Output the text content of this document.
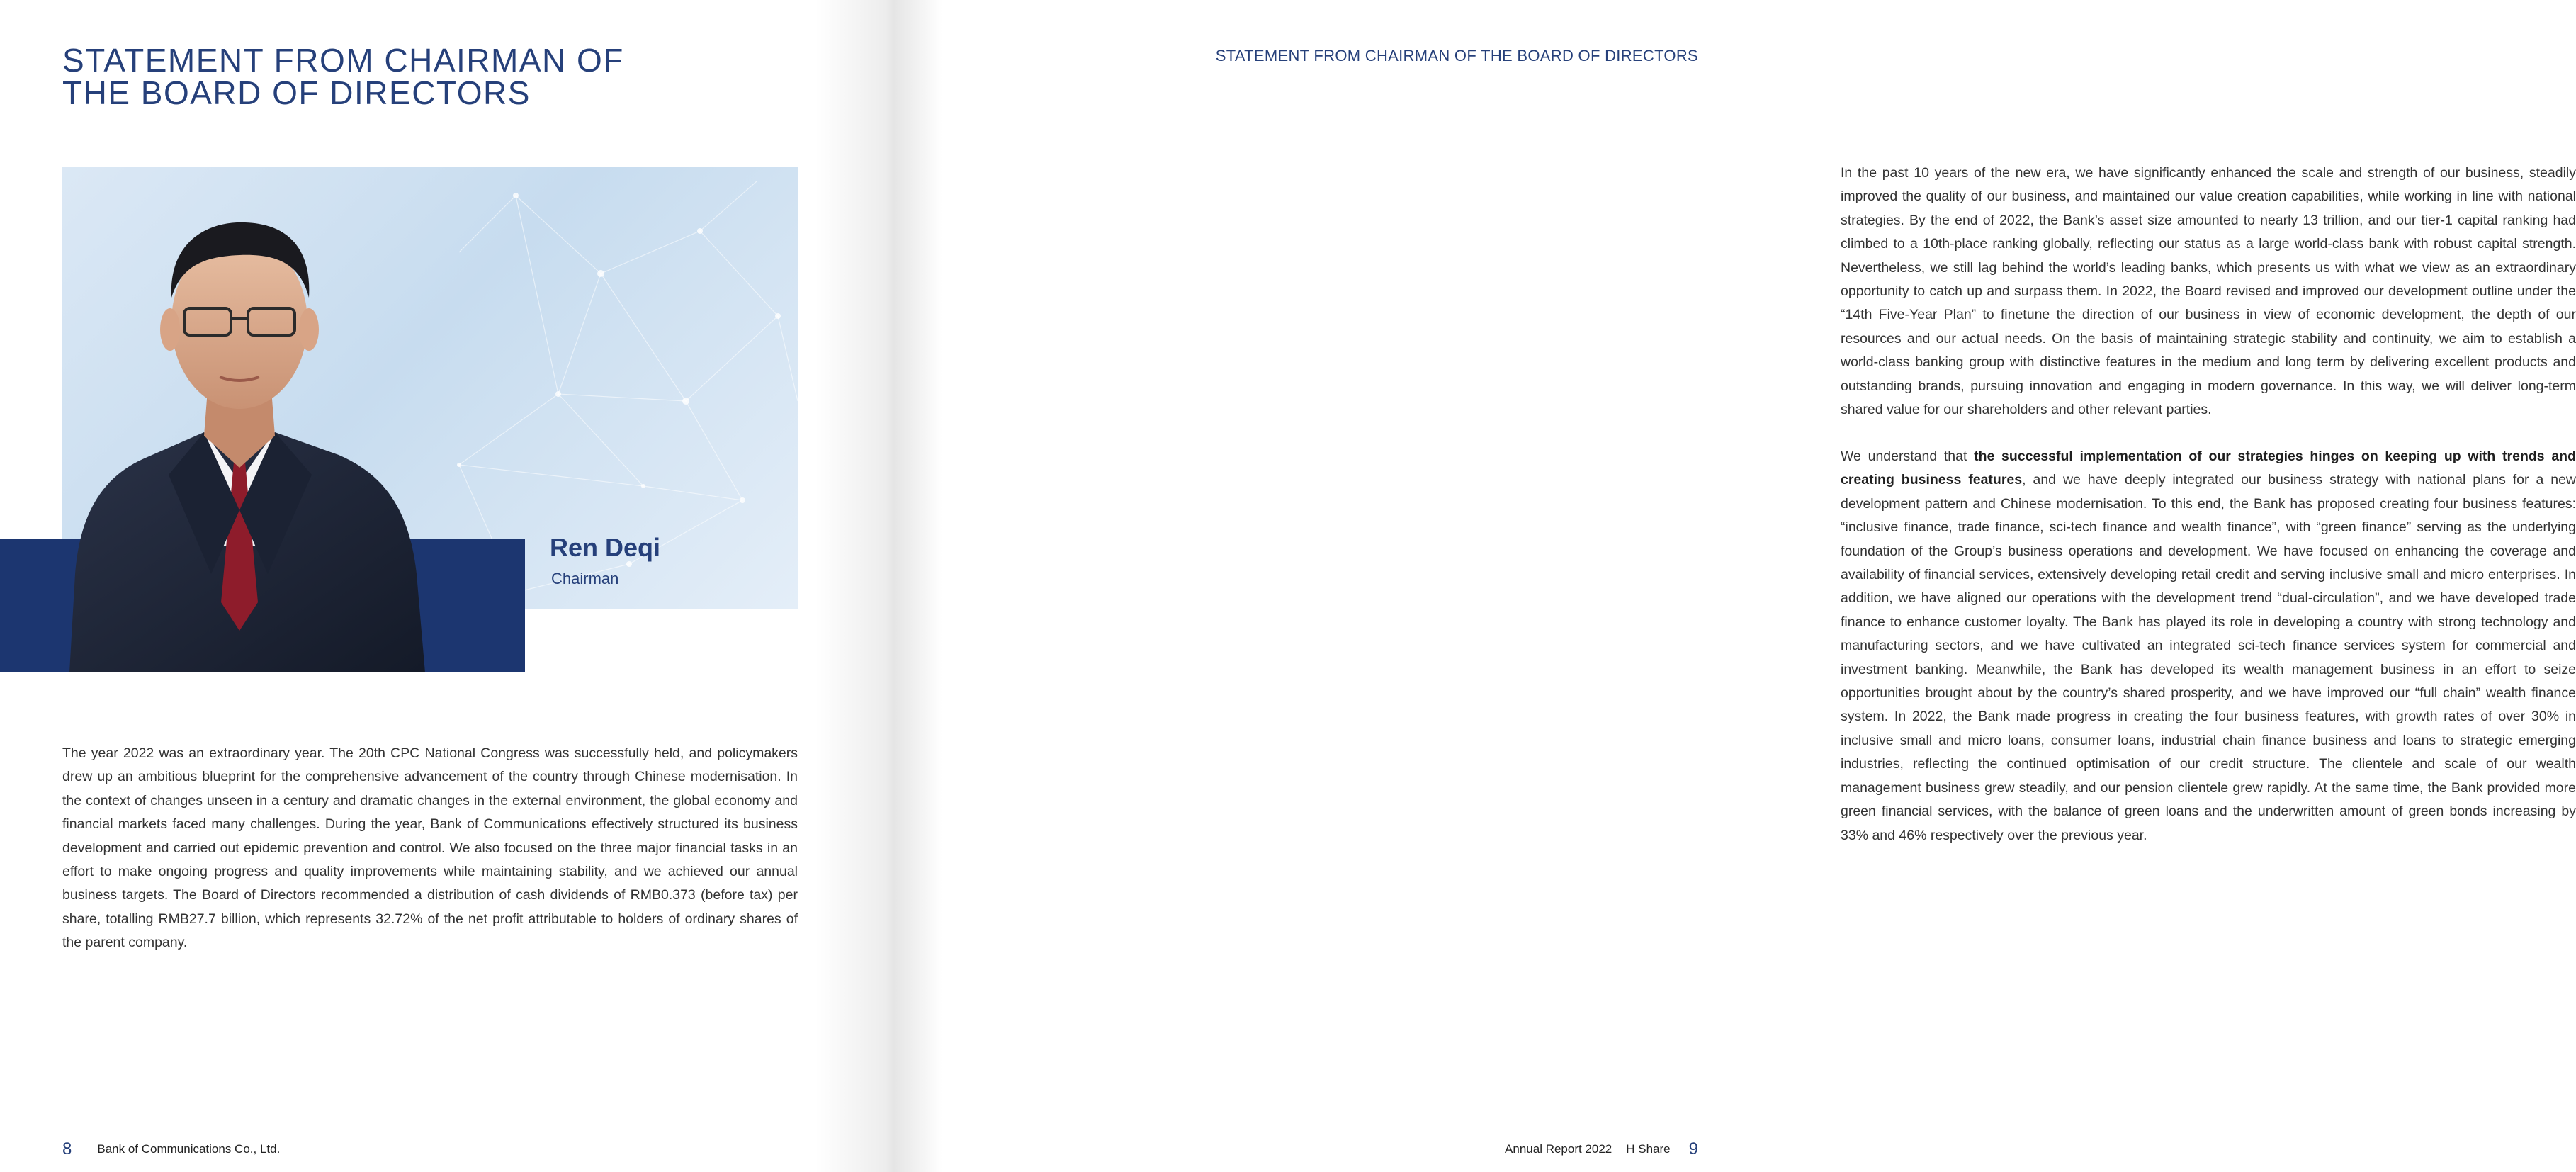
STATEMENT FROM CHAIRMAN OF
THE BOARD OF DIRECTORS

Ren Deqi

Chairman

The year 2022 was an extraordinary year. The 20th CPC National Congress was successfully held, and policymakers drew up an ambitious blueprint for the comprehensive advancement of the country through Chinese modernisation. In the context of changes unseen in a century and dramatic changes in the external environment, the global economy and financial markets faced many challenges. During the year, Bank of Communications effectively structured its business development and carried out epidemic prevention and control. We also focused on the three major financial tasks in an effort to make ongoing progress and quality improvements while maintaining stability, and we achieved our annual business targets. The Board of Directors recommended a distribution of cash dividends of RMB0.373 (before tax) per share, totalling RMB27.7 billion, which represents 32.72% of the net profit attributable to holders of ordinary shares of the parent company.

8 Bank of Communications Co., Ltd.

STATEMENT FROM CHAIRMAN OF THE BOARD OF DIRECTORS

In the past 10 years of the new era, we have significantly enhanced the scale and strength of our business, steadily improved the quality of our business, and maintained our value creation capabilities, while working in line with national strategies. By the end of 2022, the Bank’s asset size amounted to nearly 13 trillion, and our tier-1 capital ranking had climbed to a 10th-place ranking globally, reflecting our status as a large world-class bank with robust capital strength. Nevertheless, we still lag behind the world’s leading banks, which presents us with what we view as an extraordinary opportunity to catch up and surpass them. In 2022, the Board revised and improved our development outline under the “14th Five-Year Plan” to finetune the direction of our business in view of economic development, the depth of our resources and our actual needs. On the basis of maintaining strategic stability and continuity, we aim to establish a world-class banking group with distinctive features in the medium and long term by delivering excellent products and outstanding brands, pursuing innovation and engaging in modern governance. In this way, we will deliver long-term shared value for our shareholders and other relevant parties.

We understand that the successful implementation of our strategies hinges on keeping up with trends and creating business features, and we have deeply integrated our business strategy with national plans for a new development pattern and Chinese modernisation. To this end, the Bank has proposed creating four business features: “inclusive finance, trade finance, sci-tech finance and wealth finance”, with “green finance” serving as the underlying foundation of the Group’s business operations and development. We have focused on enhancing the coverage and availability of financial services, extensively developing retail credit and serving inclusive small and micro enterprises. In addition, we have aligned our operations with the development trend “dual-circulation”, and we have developed trade finance to enhance customer loyalty. The Bank has played its role in developing a country with strong technology and manufacturing sectors, and we have cultivated an integrated sci-tech finance services system for commercial and investment banking. Meanwhile, the Bank has developed its wealth management business in an effort to seize opportunities brought about by the country’s shared prosperity, and we have improved our “full chain” wealth finance system. In 2022, the Bank made progress in creating the four business features, with growth rates of over 30% in inclusive small and micro loans, consumer loans, industrial chain finance business and loans to strategic emerging industries, reflecting the continued optimisation of our credit structure. The clientele and scale of our wealth management business grew steadily, and our pension clientele grew rapidly. At the same time, the Bank provided more green financial services, with the balance of green loans and the underwritten amount of green bonds increasing by 33% and 46% respectively over the previous year.

Annual Report 2022 H Share 9
